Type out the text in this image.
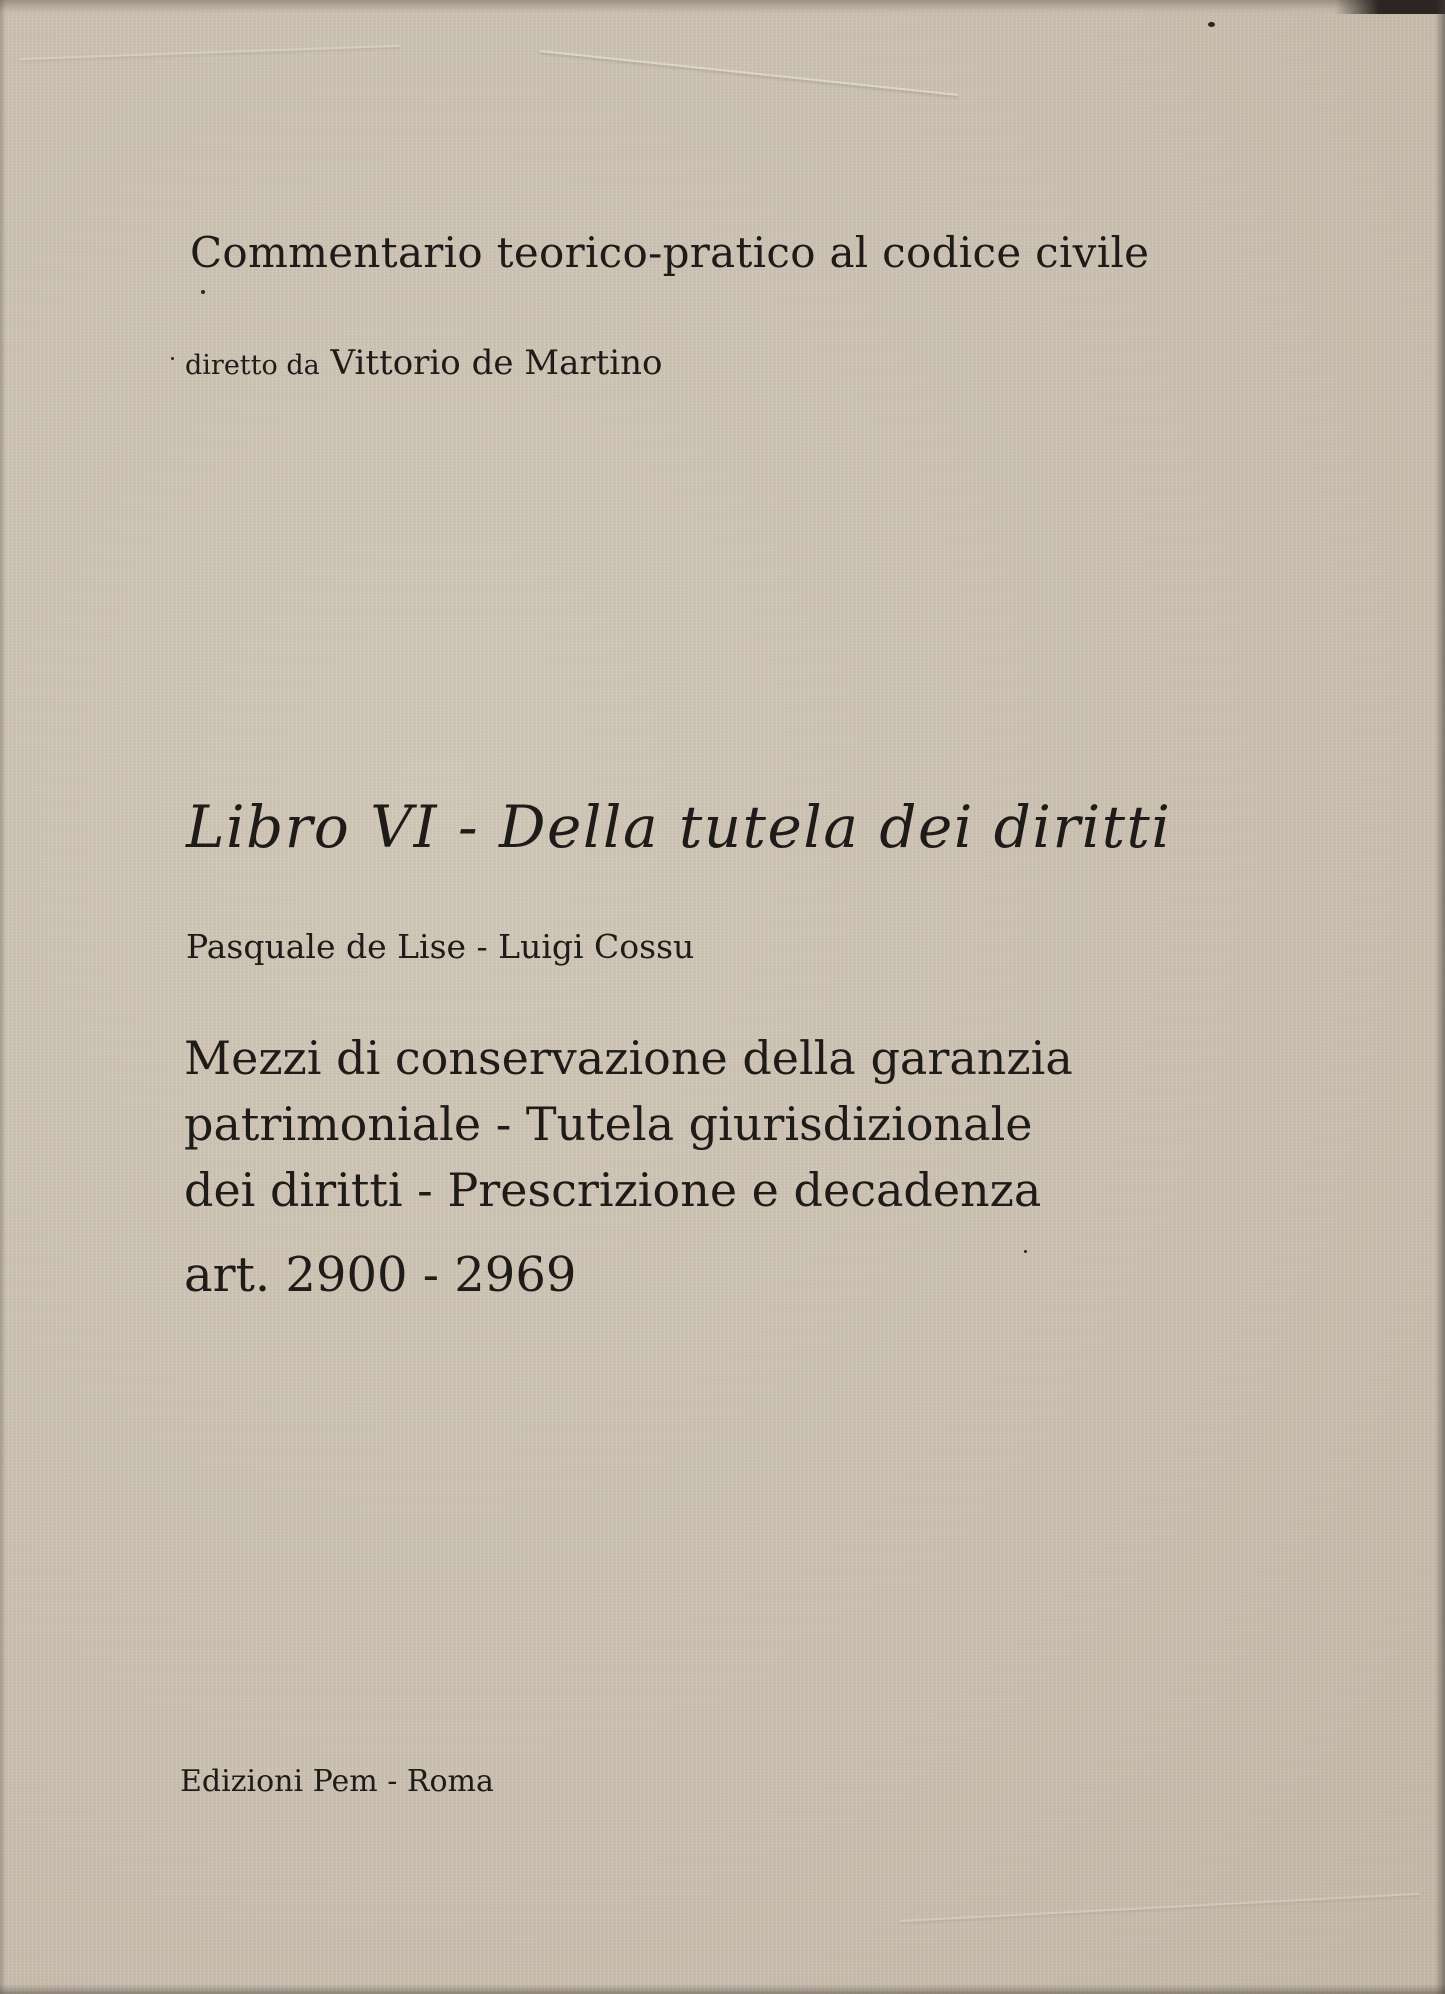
Commentario teorico-pratico al codice civile

diretto da Vittorio de Martino

Libro VI - Della tutela dei diritti

Pasquale de Lise - Luigi Cossu

Mezzi di conservazione della garanzia
patrimoniale - Tutela giurisdizionale
dei diritti - Prescrizione e decadenza

art. 2900 - 2969

Edizioni Pem - Roma
